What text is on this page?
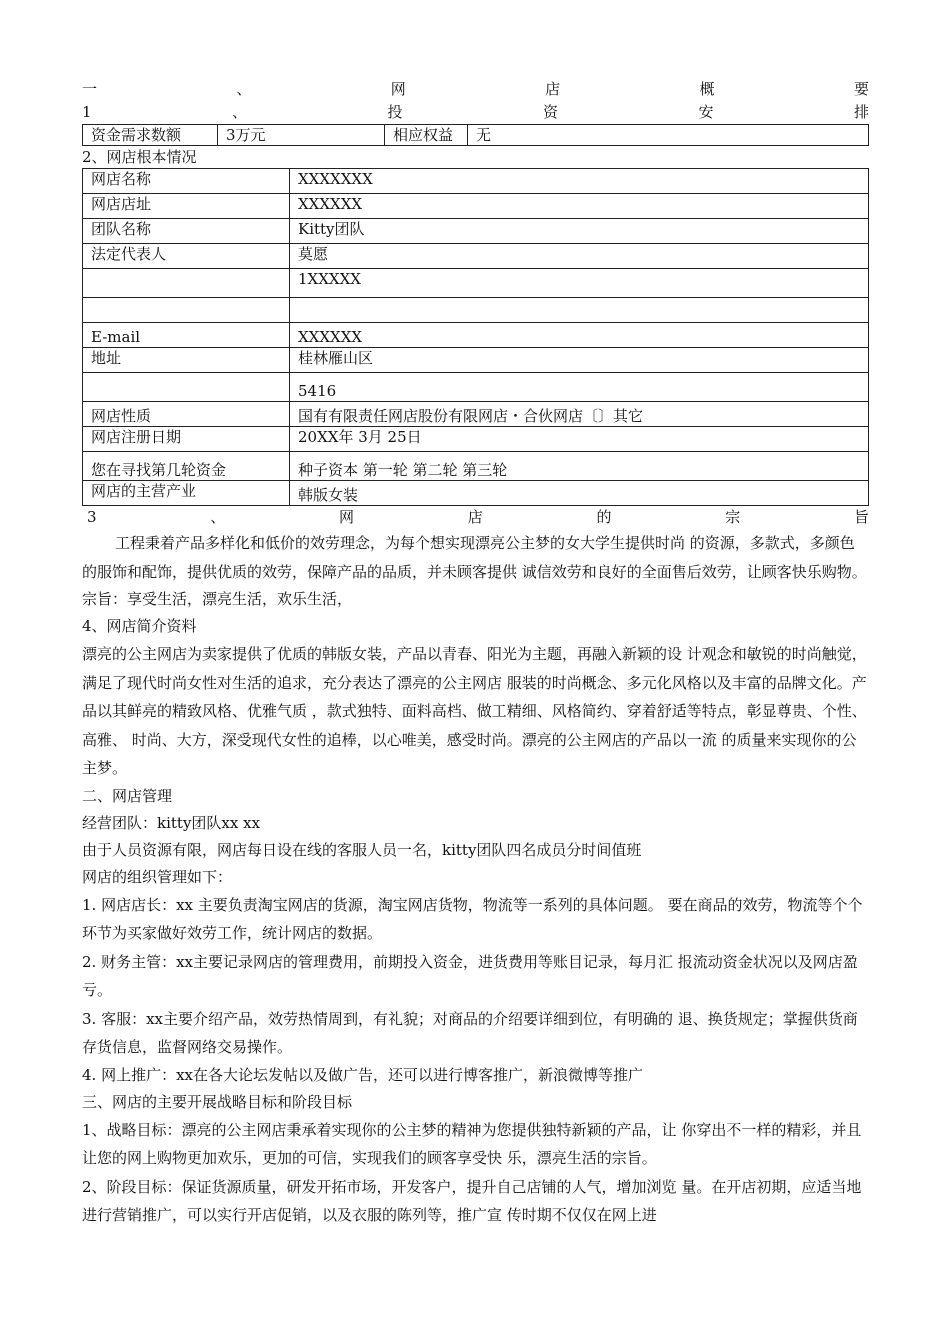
一	、	网	店	概	要
1	、	投	资	安	排
资金需求数额	3万元	相应权益	无
2、网店根本情况
网店名称	XXXXXXX
网店店址	XXXXXX
团队名称	Kitty团队
法定代表人	莫愿
	1XXXXX

E-mail	XXXXXX
地址	桂林雁山区
	5416
网店性质	国有有限责任网店股份有限网店・合伙网店〔〕其它
网店注册日期	20XX年 3月 25日
您在寻找第几轮资金	种子资本 第一轮 第二轮 第三轮
网店的主营产业	韩版女装
3	、	网	店	的	宗	旨
工程秉着产品多样化和低价的效劳理念，为每个想实现漂亮公主梦的女大学生提供时尚 的资源，多款式，多颜色的服饰和配饰，提供优质的效劳，保障产品的品质，并未顾客提供 诚信效劳和良好的全面售后效劳，让顾客快乐购物。
宗旨：享受生活，漂亮生活，欢乐生活，
4、网店简介资料
漂亮的公主网店为卖家提供了优质的韩版女装，产品以青春、阳光为主题，再融入新颖的设 计观念和敏锐的时尚触觉，满足了现代时尚女性对生活的追求，充分表达了漂亮的公主网店 服装的时尚概念、多元化风格以及丰富的品牌文化。产品以其鲜亮的精致风格、优雅气质 ，款式独特、面料高档、做工精细、风格简约、穿着舒适等特点，彰显尊贵、个性、高雅、 时尚、大方，深受现代女性的追棒，以心唯美，感受时尚。漂亮的公主网店的产品以一流 的质量来实现你的公主梦。
二、网店管理
经营团队：kitty团队xx xx
由于人员资源有限，网店每日设在线的客服人员一名，kitty团队四名成员分时间值班
网店的组织管理如下：
1. 网店店长：xx 主要负责淘宝网店的货源，淘宝网店货物，物流等一系列的具体问题。 要在商品的效劳，物流等个个环节为买家做好效劳工作，统计网店的数据。
2. 财务主管：xx主要记录网店的管理费用，前期投入资金，进货费用等账目记录，每月汇 报流动资金状况以及网店盈亏。
3. 客服：xx主要介绍产品，效劳热情周到，有礼貌；对商品的介绍要详细到位，有明确的 退、换货规定；掌握供货商存货信息，监督网络交易操作。
4. 网上推广：xx在各大论坛发帖以及做广告，还可以进行博客推广，新浪微博等推广
三、网店的主要开展战略目标和阶段目标
1、战略目标：漂亮的公主网店秉承着实现你的公主梦的精神为您提供独特新颖的产品，让 你穿出不一样的精彩，并且让您的网上购物更加欢乐，更加的可信，实现我们的顾客享受快 乐，漂亮生活的宗旨。
2、阶段目标：保证货源质量，研发开拓市场，开发客户，提升自己店铺的人气，增加浏览 量。在开店初期，应适当地进行营销推广，可以实行开店促销，以及衣服的陈列等，推广宣 传时期不仅仅在网上进
